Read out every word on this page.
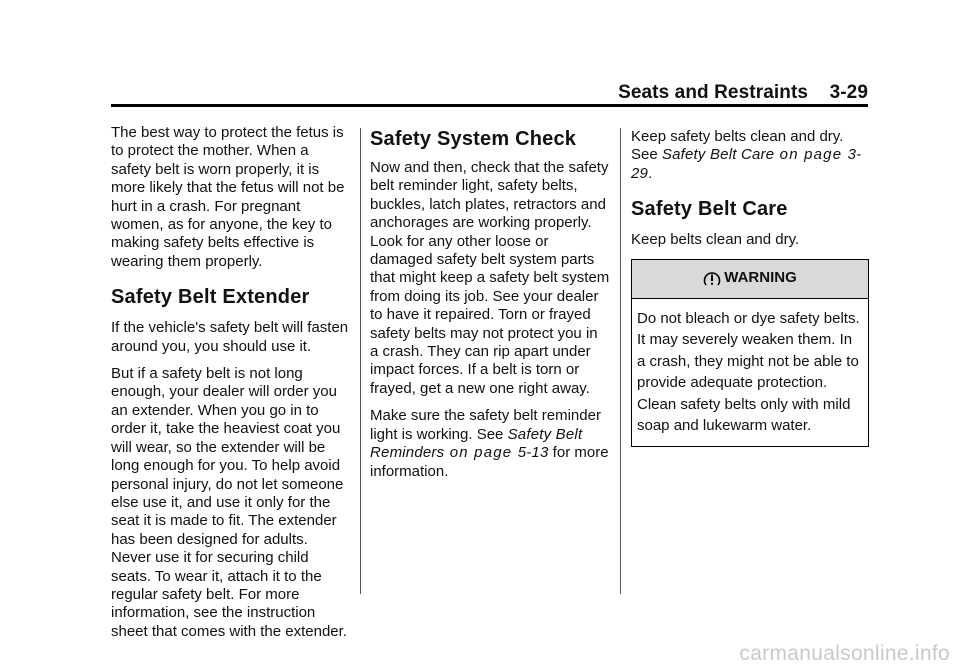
Seats and Restraints 3-29

The best way to protect the fetus is to protect the mother. When a safety belt is worn properly, it is more likely that the fetus will not be hurt in a crash. For pregnant women, as for anyone, the key to making safety belts effective is wearing them properly.

Safety Belt Extender

If the vehicle's safety belt will fasten around you, you should use it.

But if a safety belt is not long enough, your dealer will order you an extender. When you go in to order it, take the heaviest coat you will wear, so the extender will be long enough for you. To help avoid personal injury, do not let someone else use it, and use it only for the seat it is made to fit. The extender has been designed for adults. Never use it for securing child seats. To wear it, attach it to the regular safety belt. For more information, see the instruction sheet that comes with the extender.

Safety System Check

Now and then, check that the safety belt reminder light, safety belts, buckles, latch plates, retractors and anchorages are working properly. Look for any other loose or damaged safety belt system parts that might keep a safety belt system from doing its job. See your dealer to have it repaired. Torn or frayed safety belts may not protect you in a crash. They can rip apart under impact forces. If a belt is torn or frayed, get a new one right away.

Make sure the safety belt reminder light is working. See Safety Belt Reminders on page 5-13 for more information.

Keep safety belts clean and dry. See Safety Belt Care on page 3-29.

Safety Belt Care

Keep belts clean and dry.

WARNING
Do not bleach or dye safety belts. It may severely weaken them. In a crash, they might not be able to provide adequate protection. Clean safety belts only with mild soap and lukewarm water.
carmanualsonline.info
